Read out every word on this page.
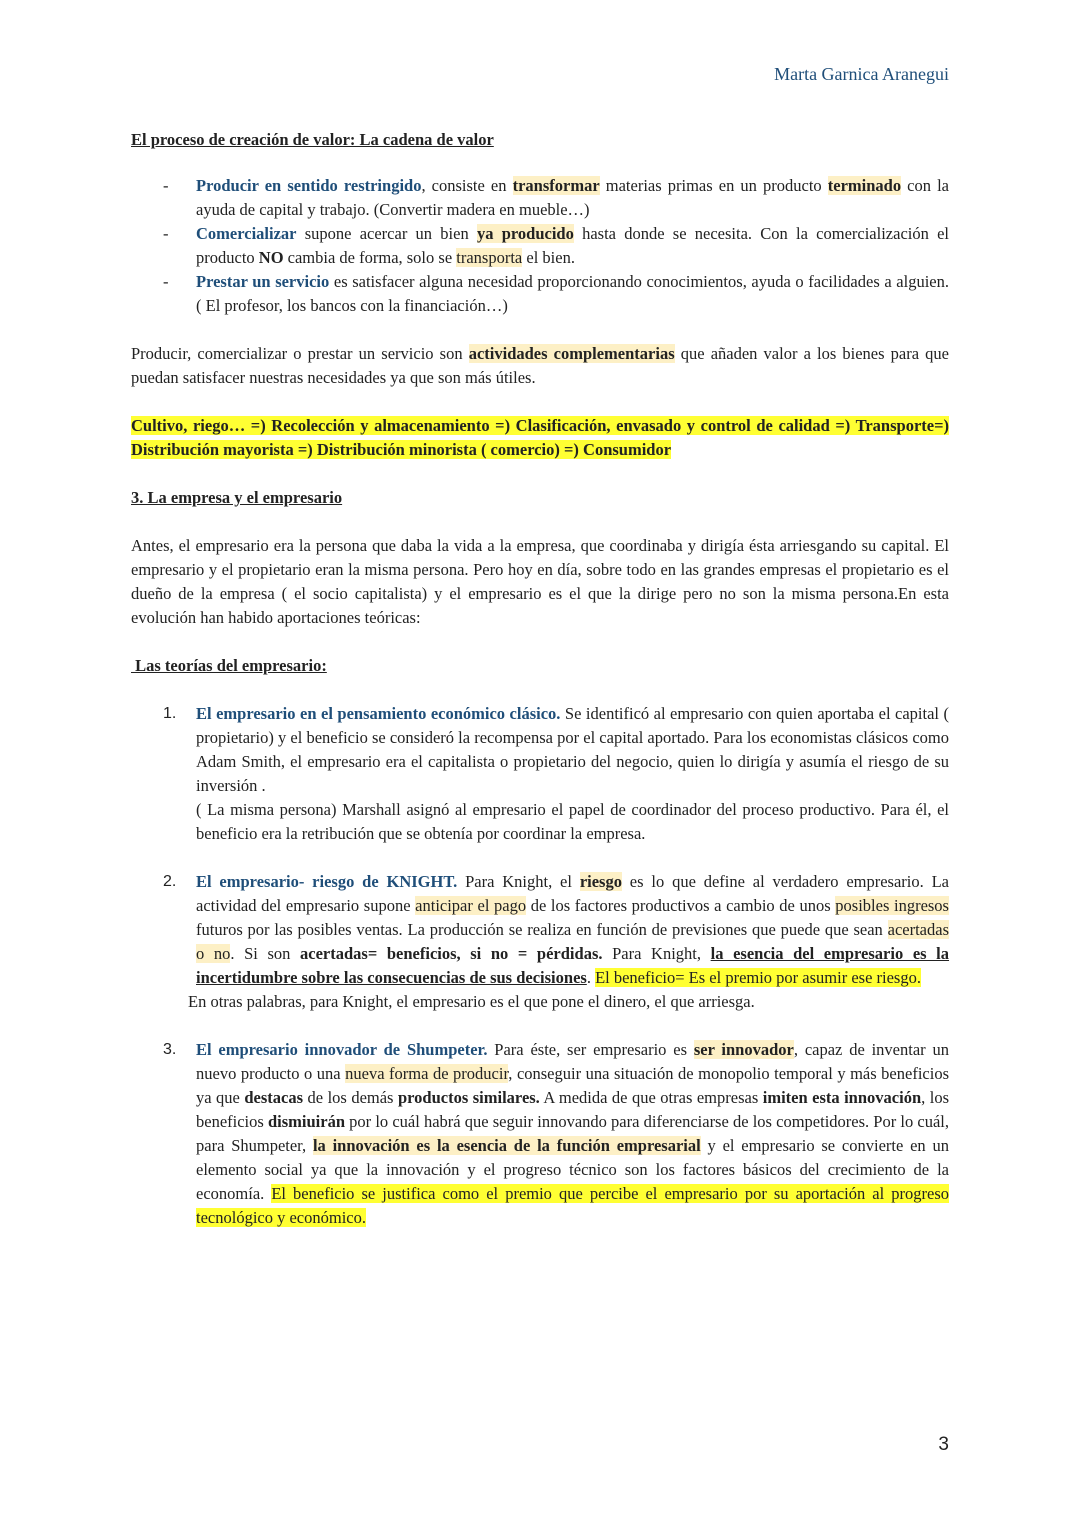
Marta Garnica Aranegui
El proceso de creación de valor: La cadena de valor
- Producir en sentido restringido, consiste en transformar materias primas en un producto terminado con la ayuda de capital y trabajo. (Convertir madera en mueble…)
- Comercializar supone acercar un bien ya producido hasta donde se necesita. Con la comercialización el producto NO cambia de forma, solo se transporta el bien.
- Prestar un servicio es satisfacer alguna necesidad proporcionando conocimientos, ayuda o facilidades a alguien. ( El profesor, los bancos con la financiación…)

Producir, comercializar o prestar un servicio son actividades complementarias que añaden valor a los bienes para que puedan satisfacer nuestras necesidades ya que son más útiles.

Cultivo, riego… =) Recolección y almacenamiento =) Clasificación, envasado y control de calidad =) Transporte=) Distribución mayorista =) Distribución minorista ( comercio) =) Consumidor

3. La empresa y el empresario

Antes, el empresario era la persona que daba la vida a la empresa, que coordinaba y dirigía ésta arriesgando su capital. El empresario y el propietario eran la misma persona. Pero hoy en día, sobre todo en las grandes empresas el propietario es el dueño de la empresa ( el socio capitalista) y el empresario es el que la dirige pero no son la misma persona.En esta evolución han habido aportaciones teóricas:

Las teorías del empresario:
1. El empresario en el pensamiento económico clásico. Se identificó al empresario con quien aportaba el capital ( propietario) y el beneficio se consideró la recompensa por el capital aportado. Para los economistas clásicos como Adam Smith, el empresario era el capitalista o propietario del negocio, quien lo dirigía y asumía el riesgo de su inversión .
( La misma persona) Marshall asignó al empresario el papel de coordinador del proceso productivo. Para él, el beneficio era la retribución que se obtenía por coordinar la empresa.
2. El empresario- riesgo de KNIGHT. Para Knight, el riesgo es lo que define al verdadero empresario. La actividad del empresario supone anticipar el pago de los factores productivos a cambio de unos posibles ingresos futuros por las posibles ventas. La producción se realiza en función de previsiones que puede que sean acertadas o no. Si son acertadas= beneficios, si no = pérdidas. Para Knight, la esencia del empresario es la incertidumbre sobre las consecuencias de sus decisiones. El beneficio= Es el premio por asumir ese riesgo.
En otras palabras, para Knight, el empresario es el que pone el dinero, el que arriesga.
3. El empresario innovador de Shumpeter. Para éste, ser empresario es ser innovador, capaz de inventar un nuevo producto o una nueva forma de producir, conseguir una situación de monopolio temporal y más beneficios ya que destacas de los demás productos similares. A medida de que otras empresas imiten esta innovación, los beneficios dismiuirán por lo cuál habrá que seguir innovando para diferenciarse de los competidores. Por lo cuál, para Shumpeter, la innovación es la esencia de la función empresarial y el empresario se convierte en un elemento social ya que la innovación y el progreso técnico son los factores básicos del crecimiento de la economía. El beneficio se justifica como el premio que percibe el empresario por su aportación al progreso tecnológico y económico.
3
